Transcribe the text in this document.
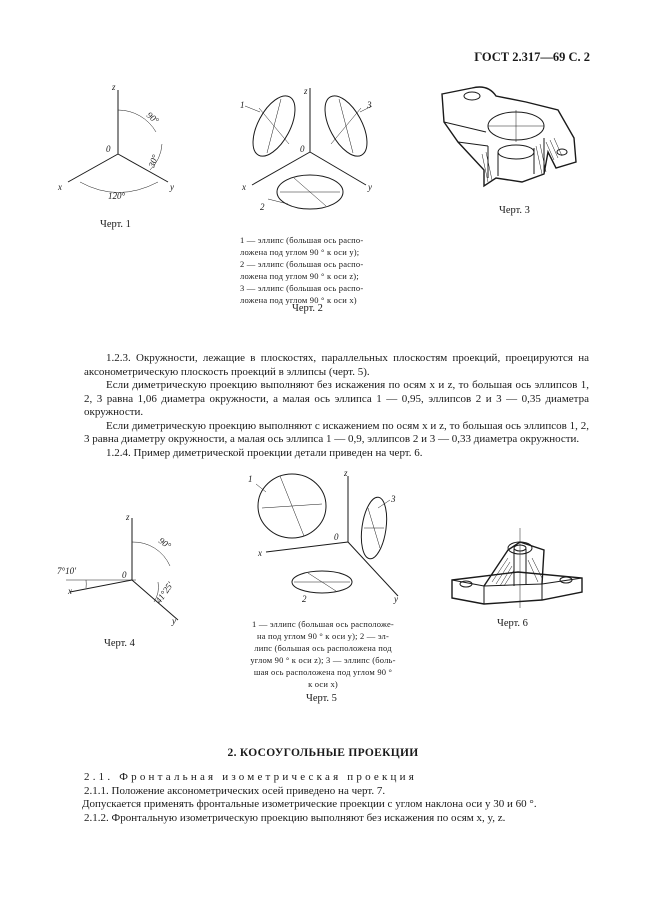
ГОСТ 2.317—69 С. 2
z
0
x	y
90°
30°
120°
Черт. 1
z
0
x	y
1	3
2
1 — эллипс (большая ось распо-
ложена под углом 90 ° к оси y);
2 — эллипс (большая ось распо-
ложена под углом 90 ° к оси z);
3 — эллипс (большая ось распо-
ложена под углом 90 ° к оси x)
Черт. 2
Черт. 3

1.2.3. Окружности, лежащие в плоскостях, параллельных плоскостям проекций, проецируются на аксонометрическую плоскость проекций в эллипсы (черт. 5).

Если диметрическую проекцию выполняют без искажения по осям x и z, то большая ось эллипсов 1, 2, 3 равна 1,06 диаметра окружности, а малая ось эллипса 1 — 0,95, эллипсов 2 и 3 — 0,35 диаметра окружности.

Если диметрическую проекцию выполняют с искажением по осям x и z, то большая ось эллипсов 1, 2, 3 равна диаметру окружности, а малая ось эллипса 1 — 0,9, эллипсов 2 и 3 — 0,33 диаметра окружности.

1.2.4. Пример диметрической проекции детали приведен на черт. 6.

z
0
x
y
90°
7°10'
41°25'
Черт. 4
z
0
x
y
1
3
2
1 — эллипс (большая ось расположе-
на под углом 90 ° к оси y); 2 — эл-
липс (большая ось расположена под
углом 90 ° к оси z); 3 — эллипс (боль-
шая ось расположена под углом 90 °
к оси x)
Черт. 5
Черт. 6
2. КОСОУГОЛЬНЫЕ ПРОЕКЦИИ

2.1. Фронтальная изометрическая проекция

2.1.1. Положение аксонометрических осей приведено на черт. 7.

Допускается применять фронтальные изометрические проекции с углом наклона оси y 30 и 60 °.

2.1.2. Фронтальную изометрическую проекцию выполняют без искажения по осям x, y, z.
